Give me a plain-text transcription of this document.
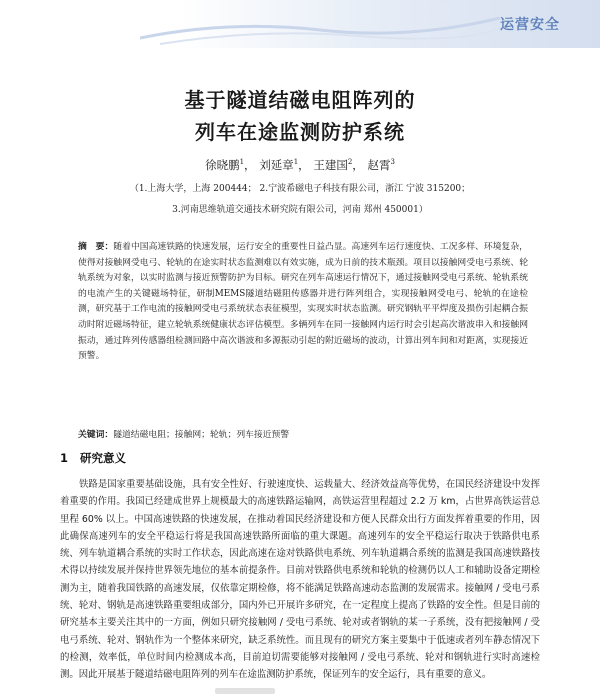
运营安全
基于隧道结磁电阻阵列的
列车在途监测防护系统
徐晓鹏$^1$， 刘延章$^1$， 王建国$^2$， 赵霄$^3$
（1.上海大学，上海 200444； 2.宁波希磁电子科技有限公司，浙江 宁波 315200；
3.河南思维轨道交通技术研究院有限公司，河南 郑州 450001）
摘　要：随着中国高速铁路的快速发展，运行安全的重要性日益凸显。高速列车运行速度快、工况多样、环境复杂，使得对接触网受电弓、轮轨的在途实时状态监测难以有效实施，成为日前的技术瓶颈。项目以接触网受电弓系统、轮轨系统为对象，以实时监测与接近预警防护为目标。研究在列车高速运行情况下，通过接触网受电弓系统、轮轨系统的电流产生的关键磁场特征，研制MEMS隧道结磁阻传感器并进行阵列组合，实现接触网受电弓、轮轨的在途检测，研究基于工作电流的接触网受电弓系统状态表征模型，实现实时状态监测。研究钢轨平平焊度及损伤引起耦合振动时附近磁场特征，建立轮轨系统健康状态评估模型。多辆列车在同一接触网内运行时会引起高次谐波串入和接触网振动，通过阵列传感器组检测回路中高次谐波和多源振动引起的附近磁场的波动，计算出列车间和对距离，实现接近预警。
关键词：隧道结磁电阻；接触网；轮轨；列车接近预警
1 研究意义
铁路是国家重要基础设施，具有安全性好、行驶速度快、运载量大、经济效益高等优势，在国民经济建设中发挥着重要的作用。我国已经建成世界上规模最大的高速铁路运输网，高铁运营里程超过 2.2 万 km，占世界高铁运营总里程 60% 以上。中国高速铁路的快速发展，在推动着国民经济建设和方便人民群众出行方面发挥着重要的作用，因此确保高速列车的安全平稳运行将是我国高速铁路所面临的重大课题。高速列车的安全平稳运行取决于铁路供电系统、列车轨道耦合系统的实时工作状态，因此高速在途对铁路供电系统、列车轨道耦合系统的监测是我国高速铁路技术得以持续发展并保持世界领先地位的基本前提条件。目前对铁路供电系统和轮轨的检测仍以人工和辅助设备定期检测为主，随着我国铁路的高速发展，仅依靠定期检修，将不能满足铁路高速动态监测的发展需求。接触网 / 受电弓系统、轮对、钢轨是高速铁路重要组成部分，国内外已开展许多研究，在一定程度上提高了铁路的安全性。但是目前的研究基本主要关注其中的一方面，例如只研究接触网 / 受电弓系统、轮对或者钢轨的某一子系统，没有把接触网 / 受电弓系统、轮对、钢轨作为一个整体来研究，缺乏系统性。而且现有的研究方案主要集中于低速或者列车静态情况下的检测，效率低，单位时间内检测成本高，目前迫切需要能够对接触网 / 受电弓系统、轮对和钢轨进行实时高速检测。因此开展基于隧道结磁电阻阵列的列车在途监测防护系统，保证列车的安全运行，具有重要的意义。
